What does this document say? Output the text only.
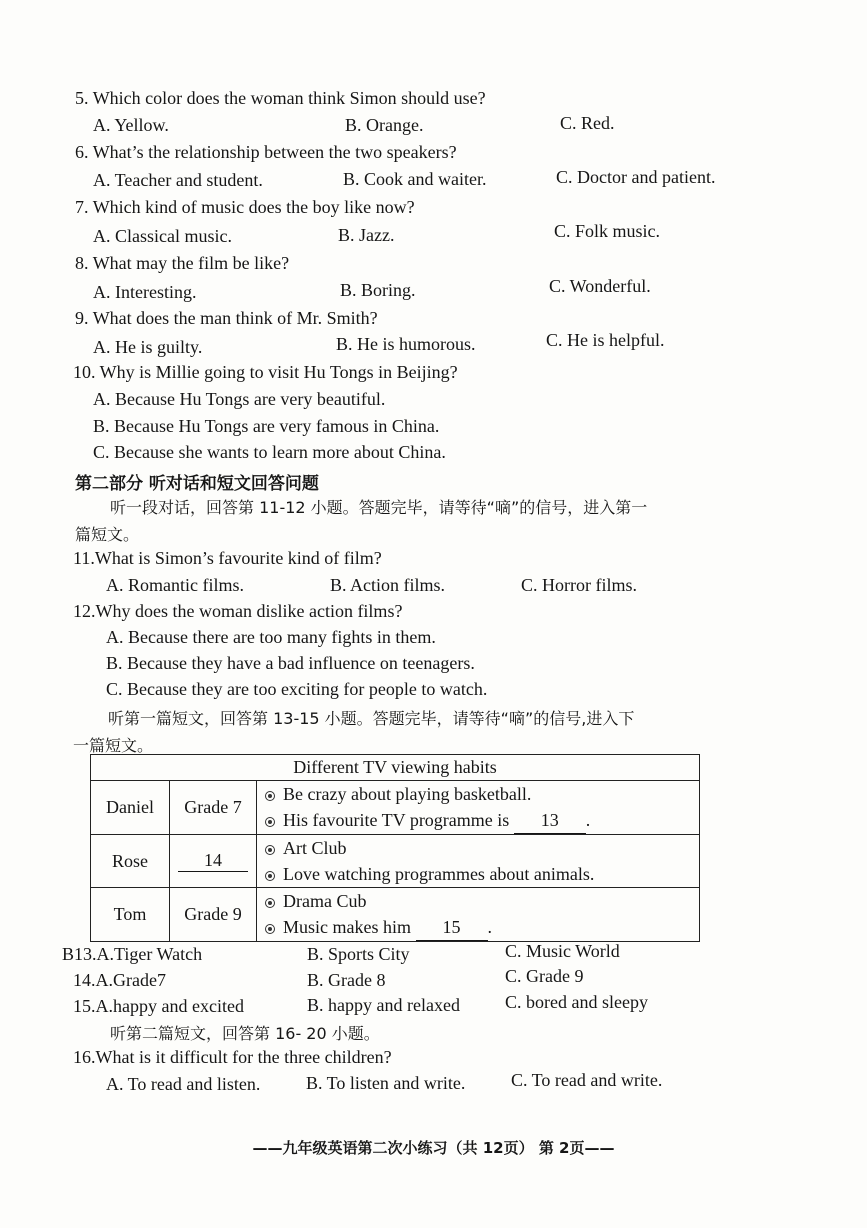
5. Which color does the woman think Simon should use?
A. Yellow.	B. Orange.	C. Red.
6. What’s the relationship between the two speakers?
A. Teacher and student.	B. Cook and waiter.	C. Doctor and patient.
7. Which kind of music does the boy like now?
A. Classical music.	B. Jazz.	C. Folk music.
8. What may the film be like?
A. Interesting.	B. Boring.	C. Wonderful.
9. What does the man think of Mr. Smith?
A. He is guilty.	B. He is humorous.	C. He is helpful.
10. Why is Millie going to visit Hu Tongs in Beijing?
A. Because Hu Tongs are very beautiful.
B. Because Hu Tongs are very famous in China.
C. Because she wants to learn more about China.
第二部分 听对话和短文回答问题
听一段对话，回答第 11-12 小题。答题完毕，请等待“嘀”的信号，进入第一
篇短文。
11.What is Simon’s favourite kind of film?
A. Romantic films.	B. Action films.	C. Horror films.
12.Why does the woman dislike action films?
A. Because there are too many fights in them.
B. Because they have a bad influence on teenagers.
C. Because they are too exciting for people to watch.
听第一篇短文，回答第 13-15 小题。答题完毕，请等待“嘀”的信号,进入下
一篇短文。
Different TV viewing habits		
Daniel	Grade 7	Be crazy about playing basketball.
His favourite TV programme is 13 .

Rose	14	Art Club
Love watching programmes about animals.

Tom	Grade 9	Drama Cub
Music makes him 15 .
B13.A.Tiger Watch	B. Sports City	C. Music World
14.A.Grade7	B. Grade 8	C. Grade 9
15.A.happy and excited	B. happy and relaxed	C. bored and sleepy
听第二篇短文，回答第 16- 20 小题。
16.What is it difficult for the three children?
A. To read and listen.	B. To listen and write.	C. To read and write.
——九年级英语第二次小练习（共 12页） 第 2页——
